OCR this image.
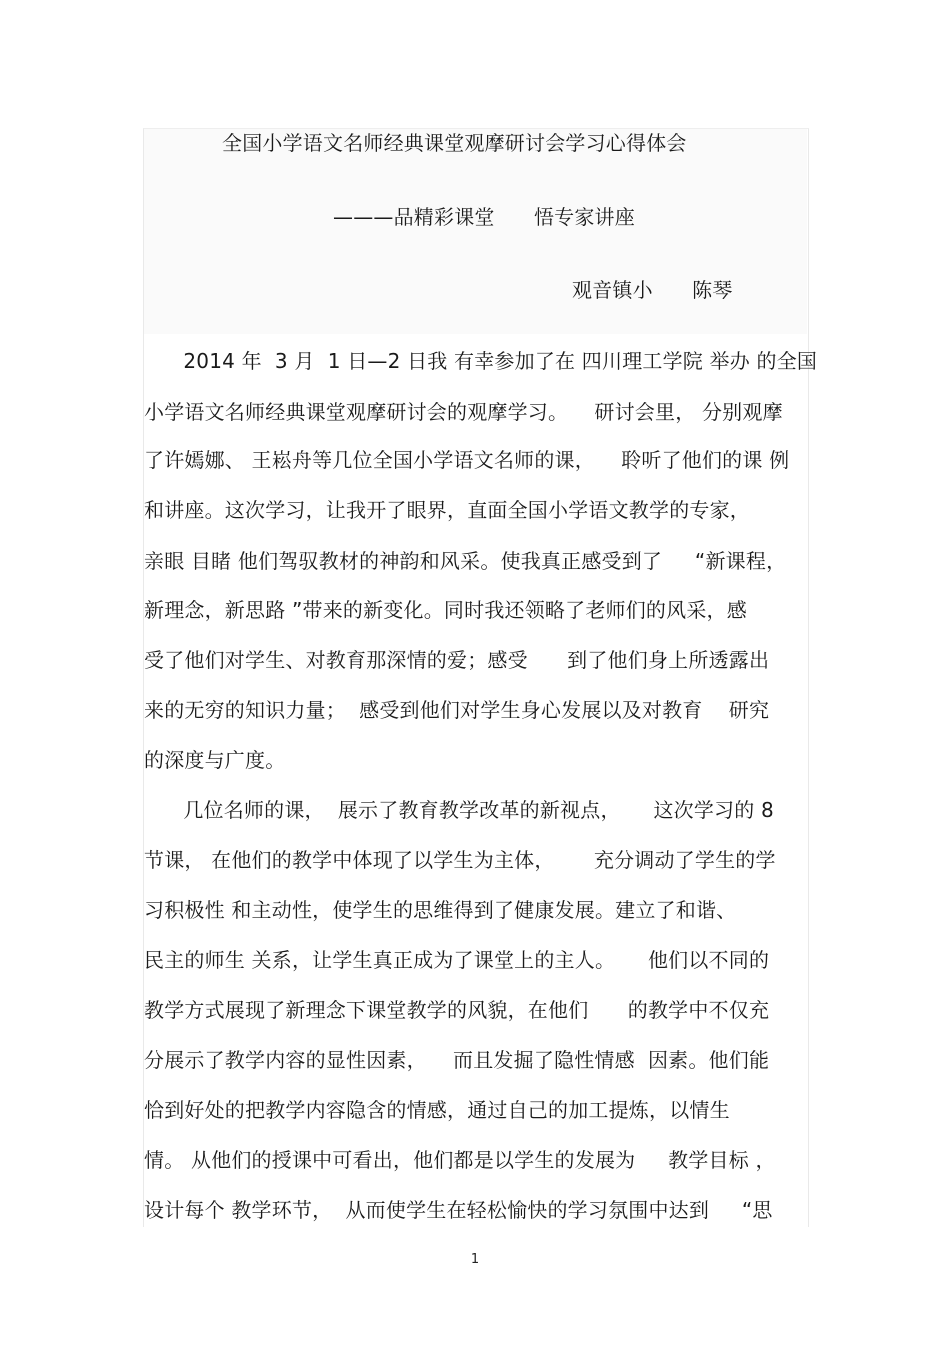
全国小学语文名师经典课堂观摩研讨会学习心得体会
———品精彩课堂      悟专家讲座
观音镇小      陈琴
2014 年  3 月  1 日—2 日我 有幸参加了在 四川理工学院 举办 的全国
小学语文名师经典课堂观摩研讨会的观摩学习。    研讨会里， 分别观摩
了许嫣娜、 王崧舟等几位全国小学语文名师的课，    聆听了他们的课 例
和讲座。这次学习，让我开了眼界，直面全国小学语文教学的专家，
亲眼 目睹 他们驾驭教材的神韵和风采。使我真正感受到了     “新课程，
新理念，新思路 ”带来的新变化。同时我还领略了老师们的风采，感
受了他们对学生、对教育那深情的爱；感受      到了他们身上所透露出
来的无穷的知识力量；  感受到他们对学生身心发展以及对教育    研究
的深度与广度。
几位名师的课，  展示了教育教学改革的新视点，     这次学习的 8
节课， 在他们的教学中体现了以学生为主体，      充分调动了学生的学
习积极性 和主动性，使学生的思维得到了健康发展。建立了和谐、
民主的师生 关系，让学生真正成为了课堂上的主人。     他们以不同的
教学方式展现了新理念下课堂教学的风貌，在他们      的教学中不仅充
分展示了教学内容的显性因素，    而且发掘了隐性情感  因素。他们能
恰到好处的把教学内容隐含的情感，通过自己的加工提炼，以情生
情。 从他们的授课中可看出，他们都是以学生的发展为     教学目标 ，
设计每个 教学环节，  从而使学生在轻松愉快的学习氛围中达到     “思
1
